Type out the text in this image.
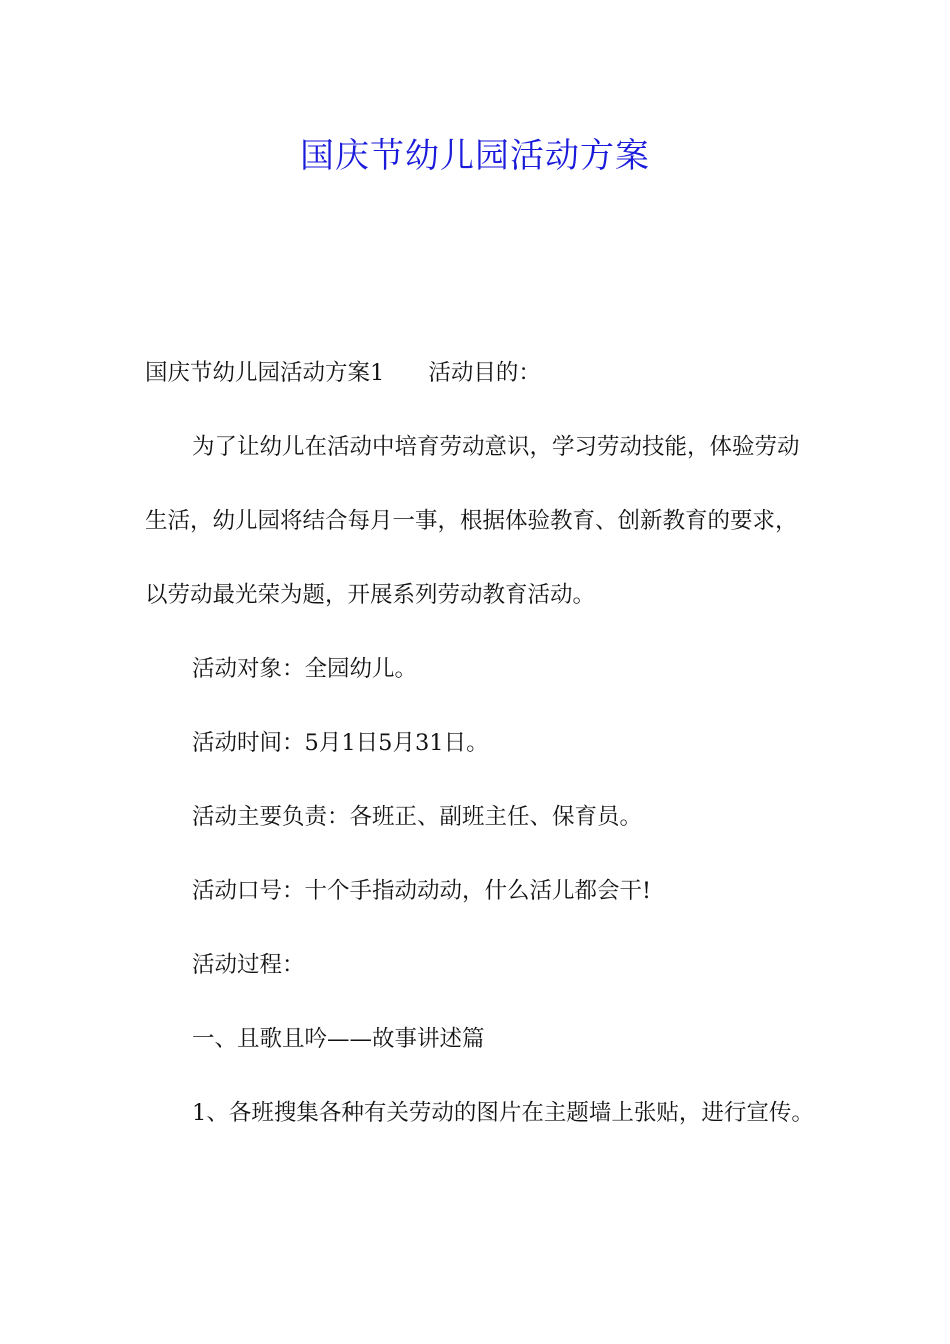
国庆节幼儿园活动方案

国庆节幼儿园活动方案1 活动目的：

为了让幼儿在活动中培育劳动意识，学习劳动技能，体验劳动生活，幼儿园将结合每月一事，根据体验教育、创新教育的要求，以劳动最光荣为题，开展系列劳动教育活动。

活动对象：全园幼儿。

活动时间：5月1日5月31日。

活动主要负责：各班正、副班主任、保育员。

活动口号：十个手指动动动，什么活儿都会干!

活动过程：

一、且歌且吟——故事讲述篇

1、各班搜集各种有关劳动的图片在主题墙上张贴，进行宣传。
